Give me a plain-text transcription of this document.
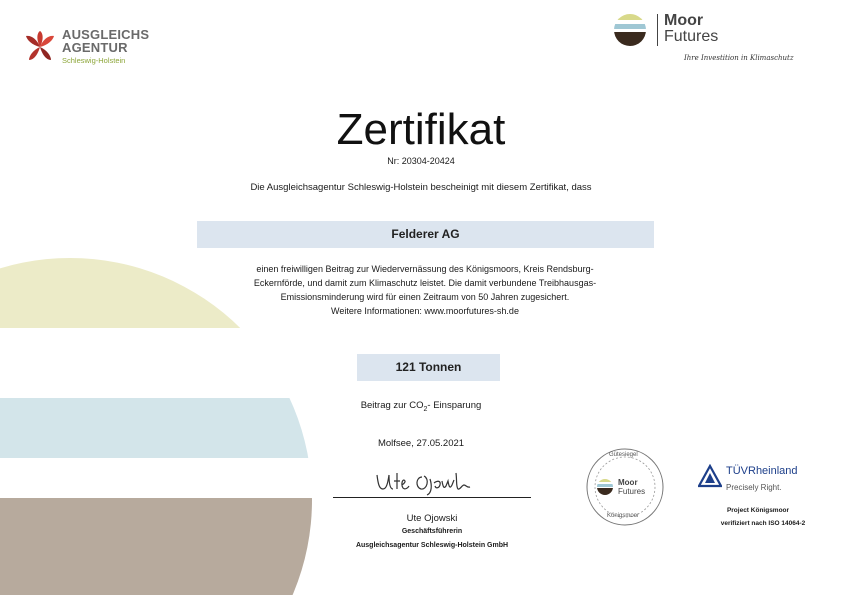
AUSGLEICHS
AGENTUR
Schleswig-Holstein
Moor
Futures
Ihre Investition in Klimaschutz
Zertifikat
Nr: 20304-20424
Die Ausgleichsagentur Schleswig-Holstein bescheinigt mit diesem Zertifikat, dass
Felderer AG
einen freiwilligen Beitrag zur Wiedervernässung des Königsmoors, Kreis Rendsburg-
Eckernförde, und damit zum Klimaschutz leistet. Die damit verbundene Treibhausgas-
Emissionsminderung wird für einen Zeitraum von 50 Jahren zugesichert.
Weitere Informationen: www.moorfutures-sh.de
121 Tonnen
Beitrag zur $CO_2-$ Einsparung
Molfsee, 27.05.2021
Ute Ojowski
Geschäftsführerin
Ausgleichsagentur Schleswig-Holstein GmbH
Gütesiegel
Moor
Futures
Königsmoor
TÜVRheinland
Precisely Right.
Project Königsmoor
verifiziert nach ISO 14064-2
